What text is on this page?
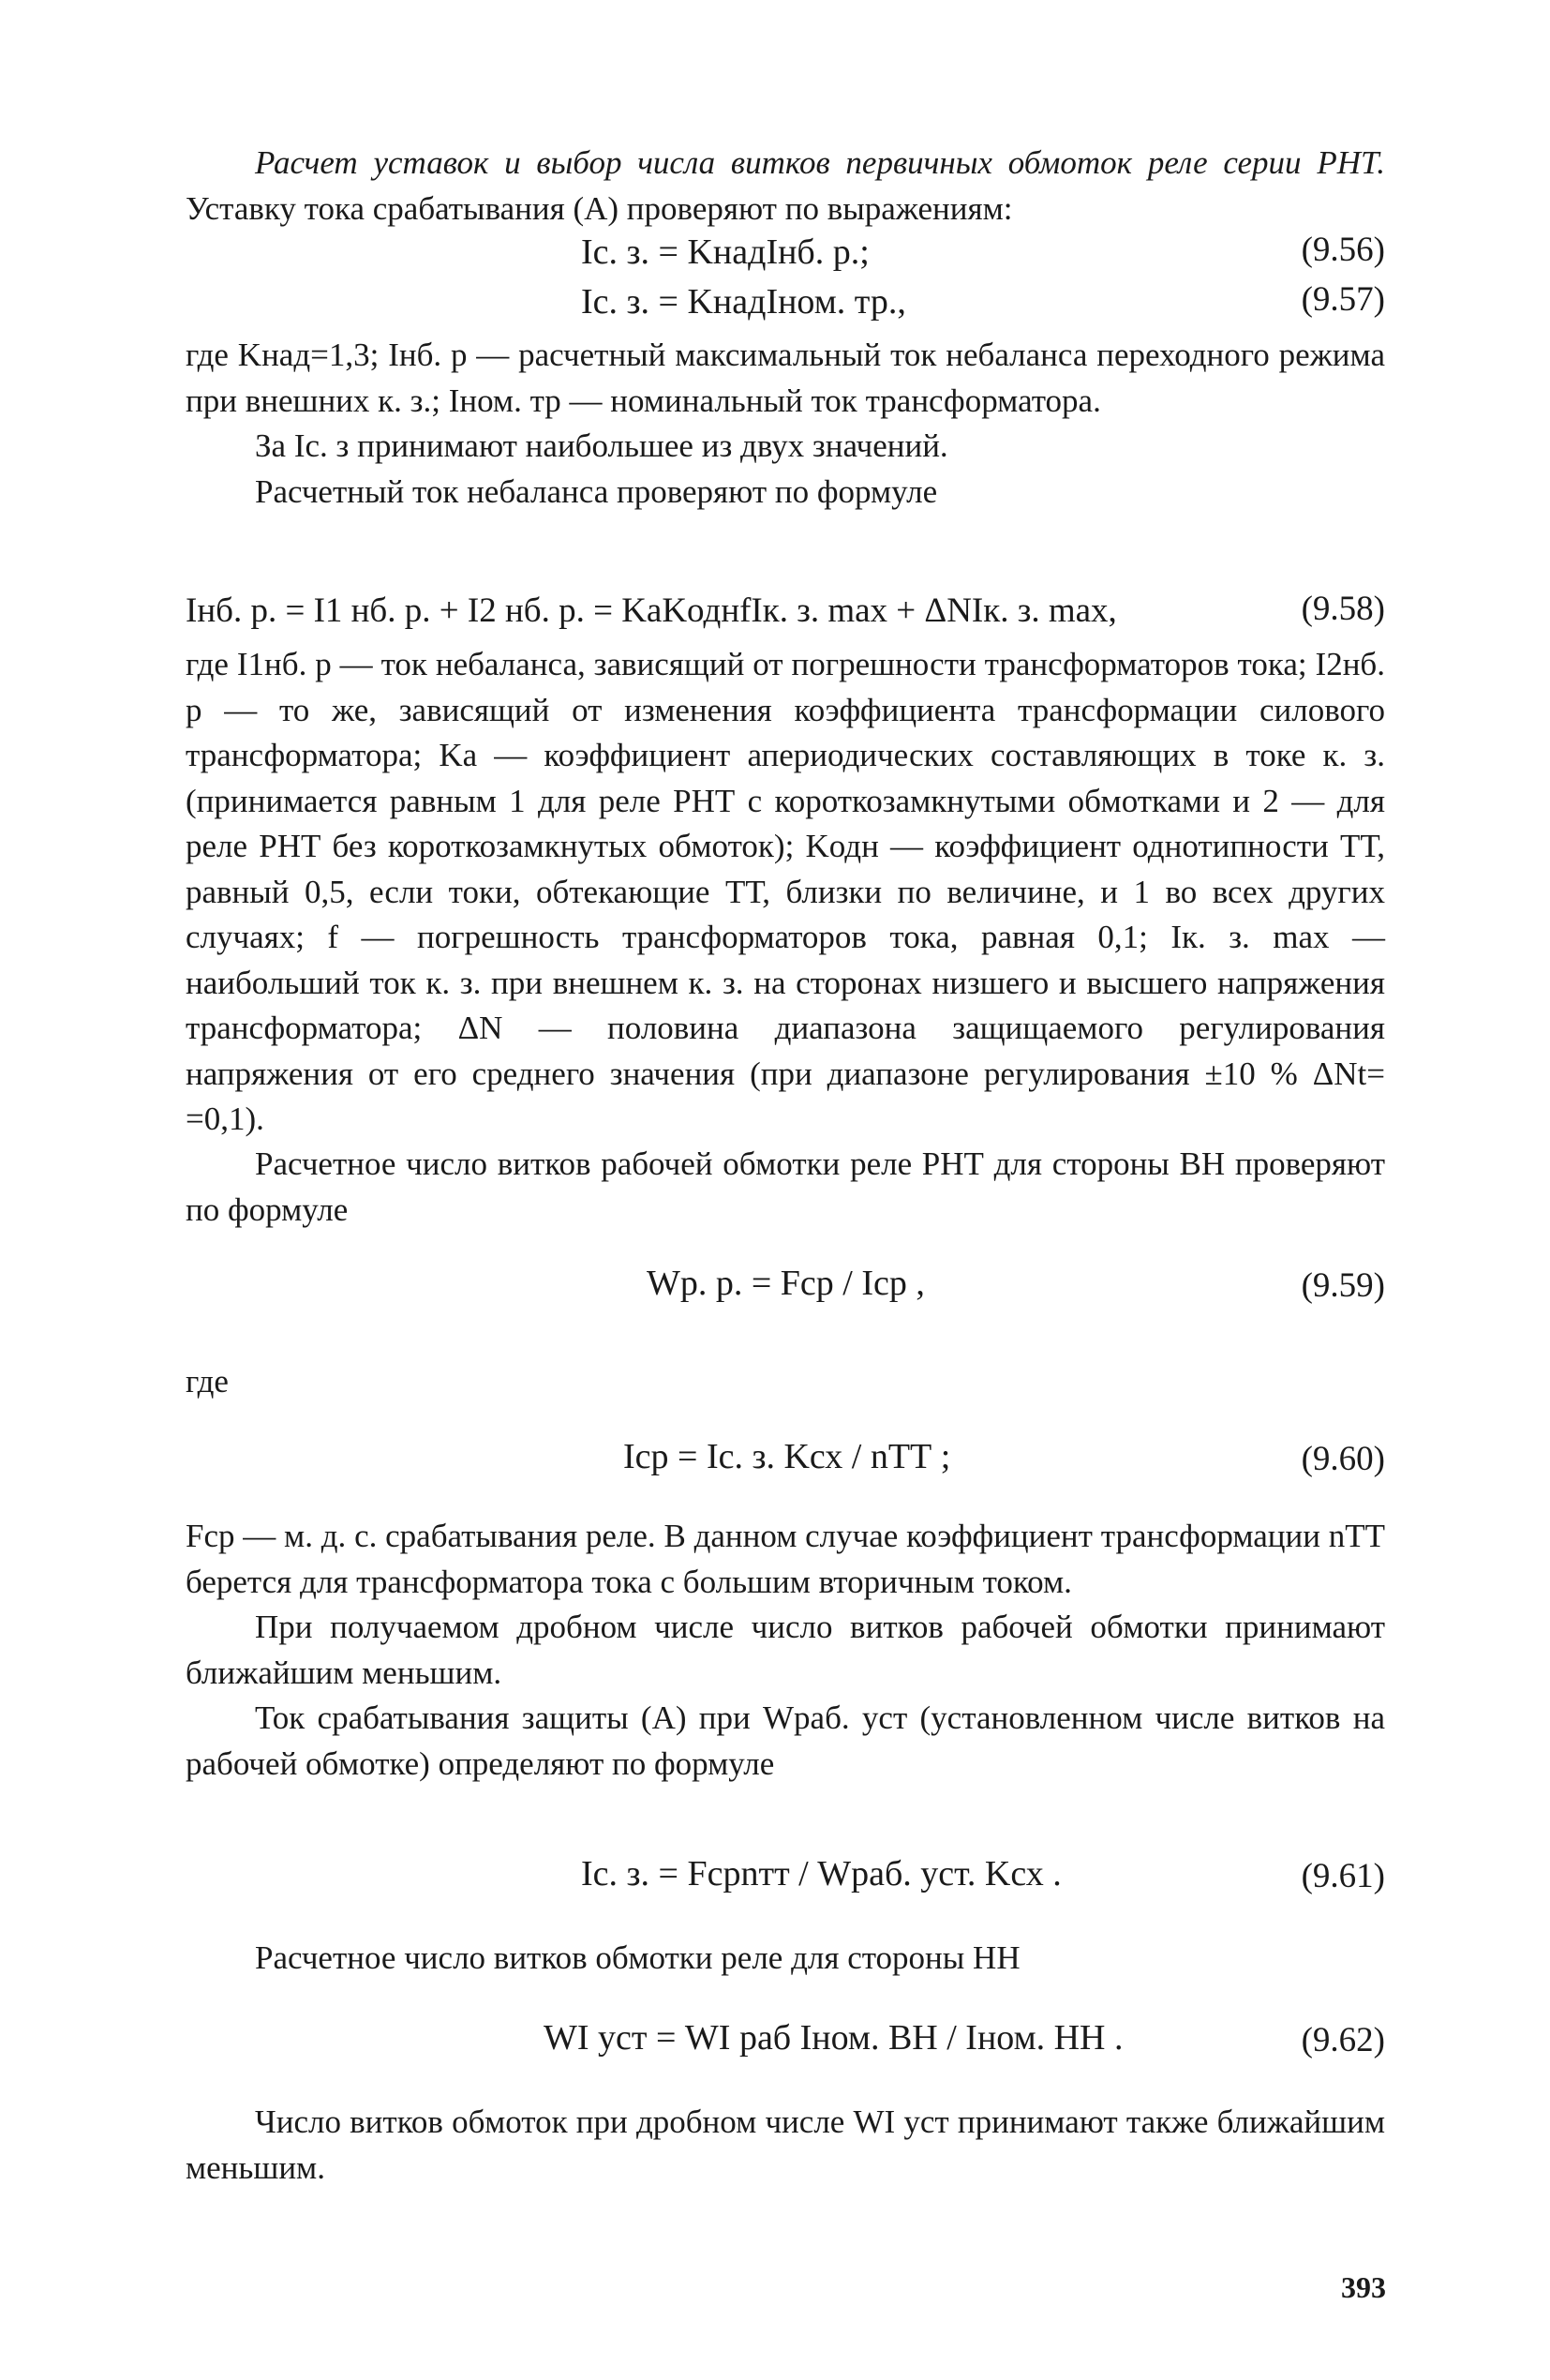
Расчет уставок и выбор числа витков первичных обмоток реле серии РНТ. Уставку тока срабатывания (А) проверяют по выражениям:

Iс. з. = KнадIнб. р.;	(9.56)
Iс. з. = KнадIном. тр.,	(9.57)

где Kнад=1,3; Iнб. р — расчетный максимальный ток небаланса переходного режима при внешних к. з.; Iном. тр — номинальный ток трансформатора.

За Iс. з принимают наибольшее из двух значений.

Расчетный ток небаланса проверяют по формуле

Iнб. р. = I1 нб. р. + I2 нб. р. = KаKоднfIк. з. max + ΔNIк. з. max,	(9.58)

где I1нб. р — ток небаланса, зависящий от погрешности трансформаторов тока; I2нб. р — то же, зависящий от изменения коэффициента трансформации силового трансформатора; Kа — коэффициент апериодических составляющих в токе к. з. (принимается равным 1 для реле РНТ с короткозамкнутыми обмотками и 2 — для реле РНТ без короткозамкнутых обмоток); Kодн — коэффициент однотипности ТТ, равный 0,5, если токи, обтекающие ТТ, близки по величине, и 1 во всех других случаях; f — погрешность трансформаторов тока, равная 0,1; Iк. з. max — наибольший ток к. з. при внешнем к. з. на сторонах низшего и высшего напряжения трансформатора; ΔN — половина диапазона защищаемого регулирования напряжения от его среднего значения (при диапазоне регулирования ±10 % ΔNt= =0,1).

Расчетное число витков рабочей обмотки реле РНТ для стороны ВН проверяют по формуле

Wр. р. = Fср / Iср ,	(9.59)

где

Iср = Iс. з. Kсх / nТТ ;	(9.60)

Fср — м. д. с. срабатывания реле. В данном случае коэффициент трансформации nТТ берется для трансформатора тока с большим вторичным током.

При получаемом дробном числе число витков рабочей обмотки принимают ближайшим меньшим.

Ток срабатывания защиты (А) при Wраб. уст (установленном числе витков на рабочей обмотке) определяют по формуле

Iс. з. = Fсрnтт / Wраб. уст. Kсх .	(9.61)

Расчетное число витков обмотки реле для стороны НН

WI уст = WI раб Iном. ВН / Iном. НН .	(9.62)

Число витков обмоток при дробном числе WI уст принимают также ближайшим меньшим.

393
